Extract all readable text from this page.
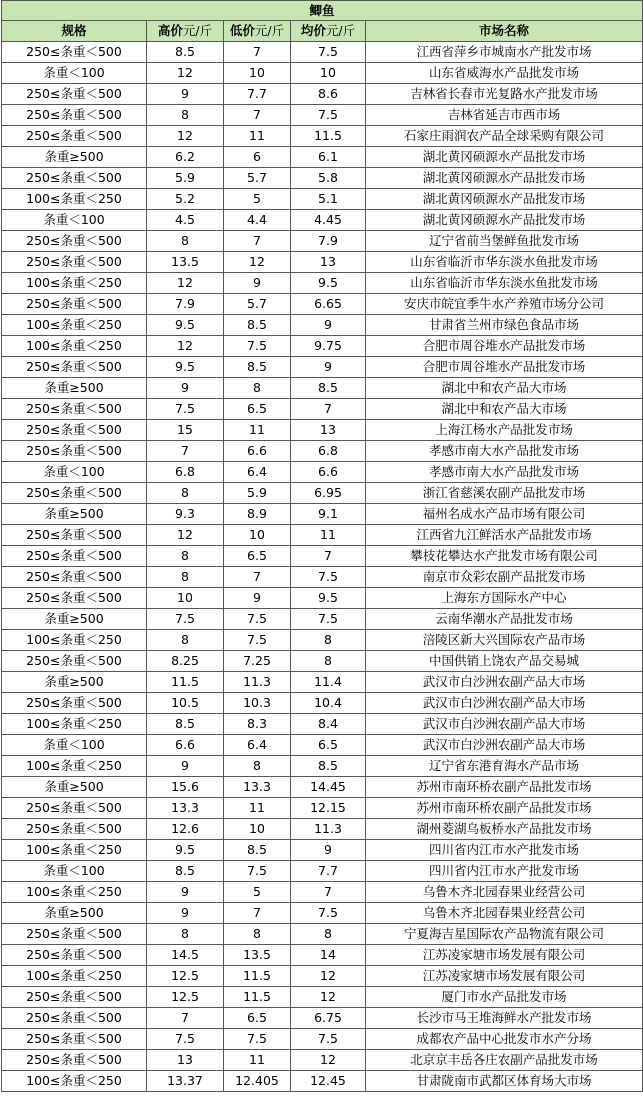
鲫鱼				
规格	高价元/斤	低价元/斤	均价元/斤	市场名称
250≤条重＜500	8.5	7	7.5	江西省萍乡市城南水产批发市场
条重＜100	12	10	10	山东省威海水产品批发市场
250≤条重＜500	9	7.7	8.6	吉林省长春市光复路水产批发市场
250≤条重＜500	8	7	7.5	吉林省延吉市西市场
250≤条重＜500	12	11	11.5	石家庄雨润农产品全球采购有限公司
条重≥500	6.2	6	6.1	湖北黄冈硕源水产品批发市场
250≤条重＜500	5.9	5.7	5.8	湖北黄冈硕源水产品批发市场
100≤条重＜250	5.2	5	5.1	湖北黄冈硕源水产品批发市场
条重＜100	4.5	4.4	4.45	湖北黄冈硕源水产品批发市场
250≤条重＜500	8	7	7.9	辽宁省前当堡鲜鱼批发市场
250≤条重＜500	13.5	12	13	山东省临沂市华东淡水鱼批发市场
100≤条重＜250	12	9	9.5	山东省临沂市华东淡水鱼批发市场
250≤条重＜500	7.9	5.7	6.65	安庆市皖宜季牛水产养殖市场分公司
100≤条重＜250	9.5	8.5	9	甘肃省兰州市绿色食品市场
100≤条重＜250	12	7.5	9.75	合肥市周谷堆水产品批发市场
250≤条重＜500	9.5	8.5	9	合肥市周谷堆水产品批发市场
条重≥500	9	8	8.5	湖北中和农产品大市场
250≤条重＜500	7.5	6.5	7	湖北中和农产品大市场
250≤条重＜500	15	11	13	上海江杨水产品批发市场
250≤条重＜500	7	6.6	6.8	孝感市南大水产品批发市场
条重＜100	6.8	6.4	6.6	孝感市南大水产品批发市场
250≤条重＜500	8	5.9	6.95	浙江省慈溪农副产品批发市场
条重≥500	9.3	8.9	9.1	福州名成水产品市场有限公司
250≤条重＜500	12	10	11	江西省九江鲜活水产品批发市场
250≤条重＜500	8	6.5	7	攀枝花攀达水产批发市场有限公司
250≤条重＜500	8	7	7.5	南京市众彩农副产品批发市场
250≤条重＜500	10	9	9.5	上海东方国际水产中心
条重≥500	7.5	7.5	7.5	云南华潮水产品批发市场
100≤条重＜250	8	7.5	8	涪陵区新大兴国际农产品市场
250≤条重＜500	8.25	7.25	8	中国供销上饶农产品交易城
条重≥500	11.5	11.3	11.4	武汉市白沙洲农副产品大市场
250≤条重＜500	10.5	10.3	10.4	武汉市白沙洲农副产品大市场
100≤条重＜250	8.5	8.3	8.4	武汉市白沙洲农副产品大市场
条重＜100	6.6	6.4	6.5	武汉市白沙洲农副产品大市场
100≤条重＜250	9	8	8.5	辽宁省东港育海水产品市场
条重≥500	15.6	13.3	14.45	苏州市南环桥农副产品批发市场
250≤条重＜500	13.3	11	12.15	苏州市南环桥农副产品批发市场
250≤条重＜500	12.6	10	11.3	湖州菱湖乌板桥水产品批发市场
100≤条重＜250	9.5	8.5	9	四川省内江市水产批发市场
条重＜100	8.5	7.5	7.7	四川省内江市水产批发市场
100≤条重＜250	9	5	7	乌鲁木齐北园春果业经营公司
条重≥500	9	7	7.5	乌鲁木齐北园春果业经营公司
250≤条重＜500	8	8	8	宁夏海吉星国际农产品物流有限公司
250≤条重＜500	14.5	13.5	14	江苏凌家塘市场发展有限公司
100≤条重＜250	12.5	11.5	12	江苏凌家塘市场发展有限公司
250≤条重＜500	12.5	11.5	12	厦门市水产品批发市场
250≤条重＜500	7	6.5	6.75	长沙市马王堆海鲜水产批发市场
250≤条重＜500	7.5	7.5	7.5	成都农产品中心批发市水产分场
250≤条重＜500	13	11	12	北京京丰岳各庄农副产品批发市场
100≤条重＜250	13.37	12.405	12.45	甘肃陇南市武都区体育场大市场
